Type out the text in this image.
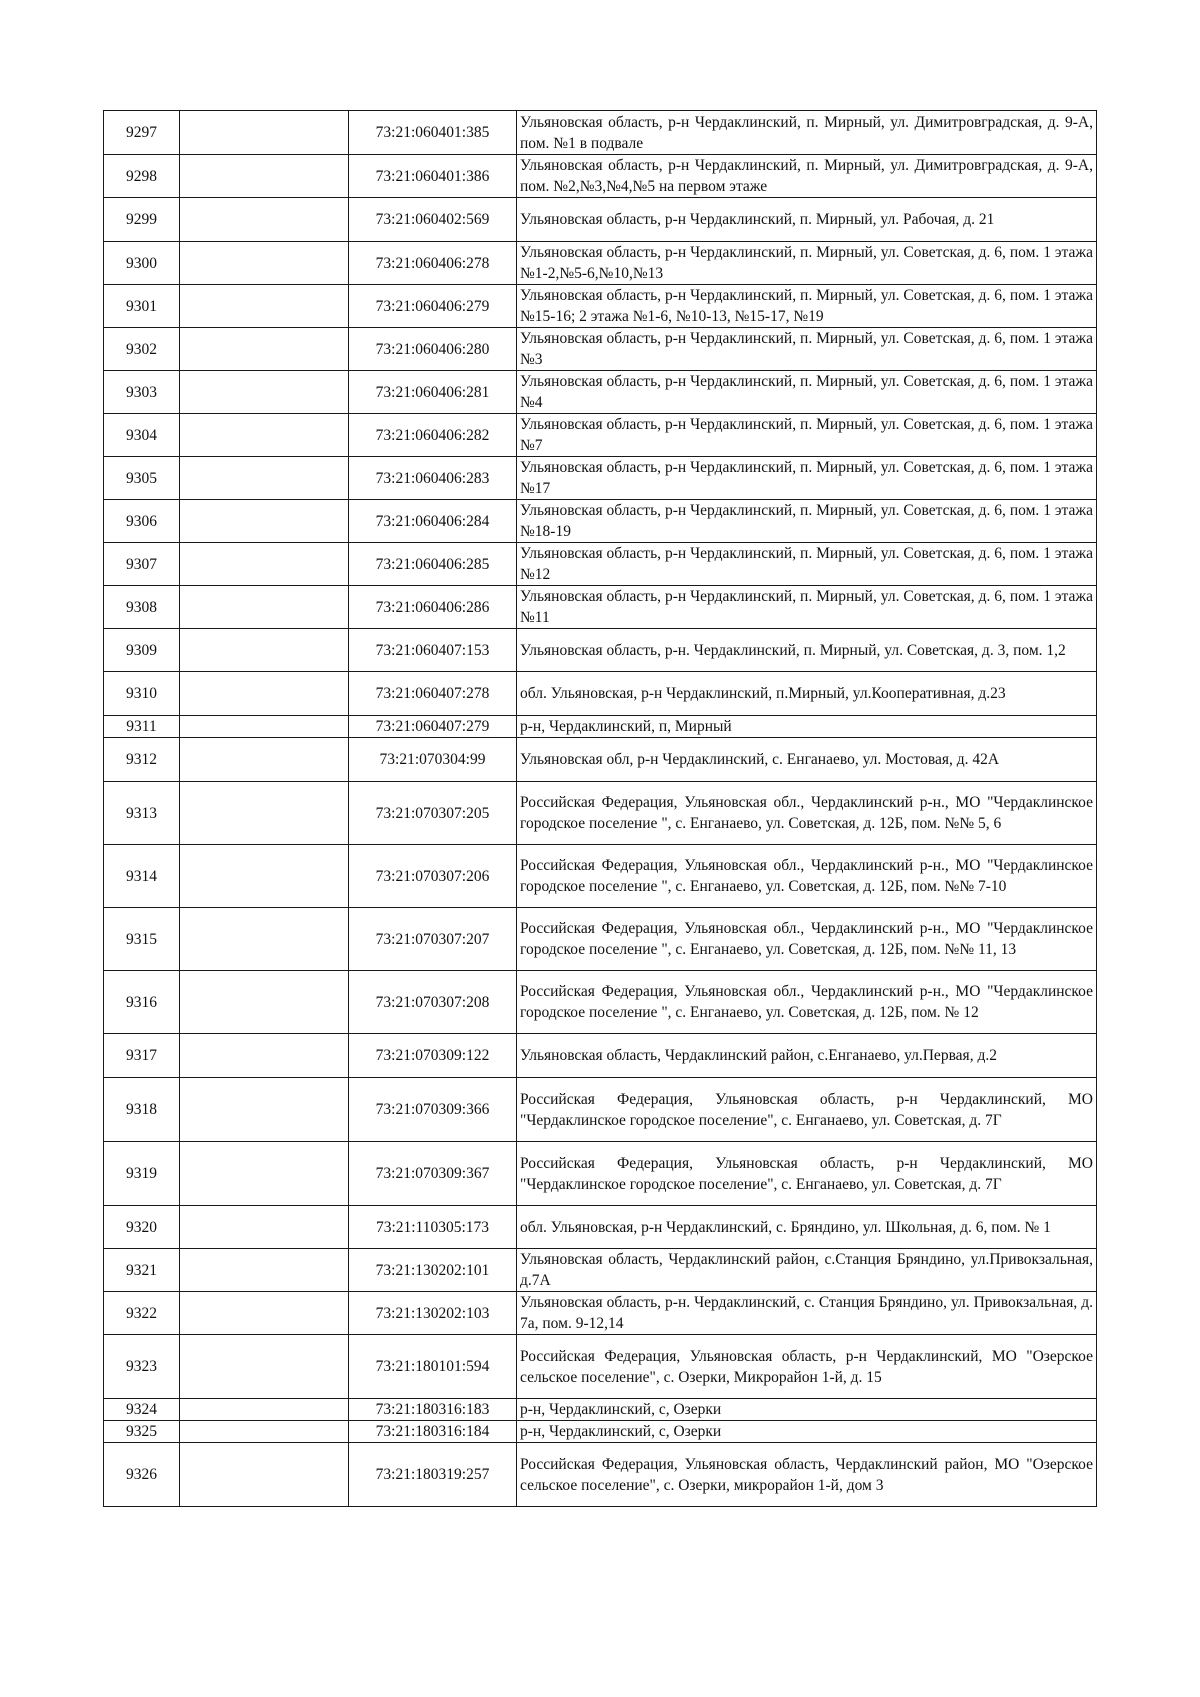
9297		73:21:060401:385	Ульяновская область, р-н Чердаклинский, п. Мирный, ул. Димитровградская, д. 9-А, пом. №1 в подвале
9298		73:21:060401:386	Ульяновская область, р-н Чердаклинский, п. Мирный, ул. Димитровградская, д. 9-А, пом. №2,№3,№4,№5 на первом этаже
9299		73:21:060402:569	Ульяновская область, р-н Чердаклинский, п. Мирный, ул. Рабочая, д. 21
9300		73:21:060406:278	Ульяновская область, р-н Чердаклинский, п. Мирный, ул. Советская, д. 6, пом. 1 этажа №1-2,№5-6,№10,№13
9301		73:21:060406:279	Ульяновская область, р-н Чердаклинский, п. Мирный, ул. Советская, д. 6, пом. 1 этажа №15-16; 2 этажа №1-6, №10-13, №15-17, №19
9302		73:21:060406:280	Ульяновская область, р-н Чердаклинский, п. Мирный, ул. Советская, д. 6, пом. 1 этажа №3
9303		73:21:060406:281	Ульяновская область, р-н Чердаклинский, п. Мирный, ул. Советская, д. 6, пом. 1 этажа №4
9304		73:21:060406:282	Ульяновская область, р-н Чердаклинский, п. Мирный, ул. Советская, д. 6, пом. 1 этажа №7
9305		73:21:060406:283	Ульяновская область, р-н Чердаклинский, п. Мирный, ул. Советская, д. 6, пом. 1 этажа №17
9306		73:21:060406:284	Ульяновская область, р-н Чердаклинский, п. Мирный, ул. Советская, д. 6, пом. 1 этажа №18-19
9307		73:21:060406:285	Ульяновская область, р-н Чердаклинский, п. Мирный, ул. Советская, д. 6, пом. 1 этажа №12
9308		73:21:060406:286	Ульяновская область, р-н Чердаклинский, п. Мирный, ул. Советская, д. 6, пом. 1 этажа №11
9309		73:21:060407:153	Ульяновская область, р-н. Чердаклинский, п. Мирный, ул. Советская, д. 3, пом. 1,2
9310		73:21:060407:278	обл. Ульяновская, р-н Чердаклинский, п.Мирный, ул.Кооперативная, д.23
9311		73:21:060407:279	р-н, Чердаклинский, п, Мирный
9312		73:21:070304:99	Ульяновская обл, р-н Чердаклинский, с. Енганаево, ул. Мостовая, д. 42А
9313		73:21:070307:205	Российская Федерация, Ульяновская обл., Чердаклинский р-н., МО "Чердаклинское городское поселение ", с. Енганаево, ул. Советская, д. 12Б, пом. №№ 5, 6
9314		73:21:070307:206	Российская Федерация, Ульяновская обл., Чердаклинский р-н., МО "Чердаклинское городское поселение ", с. Енганаево, ул. Советская, д. 12Б, пом. №№ 7-10
9315		73:21:070307:207	Российская Федерация, Ульяновская обл., Чердаклинский р-н., МО "Чердаклинское городское поселение ", с. Енганаево, ул. Советская, д. 12Б, пом. №№ 11, 13
9316		73:21:070307:208	Российская Федерация, Ульяновская обл., Чердаклинский р-н., МО "Чердаклинское городское поселение ", с. Енганаево, ул. Советская, д. 12Б, пом. № 12
9317		73:21:070309:122	Ульяновская область, Чердаклинский район, с.Енганаево, ул.Первая, д.2
9318		73:21:070309:366	Российская Федерация, Ульяновская область, р-н Чердаклинский, МО "Чердаклинское городское поселение", с. Енганаево, ул. Советская, д. 7Г
9319		73:21:070309:367	Российская Федерация, Ульяновская область, р-н Чердаклинский, МО "Чердаклинское городское поселение", с. Енганаево, ул. Советская, д. 7Г
9320		73:21:110305:173	обл. Ульяновская, р-н Чердаклинский, с. Бряндино, ул. Школьная, д. 6, пом. № 1
9321		73:21:130202:101	Ульяновская область, Чердаклинский район, с.Станция Бряндино, ул.Привокзальная, д.7А
9322		73:21:130202:103	Ульяновская область, р-н. Чердаклинский, с. Станция Бряндино, ул. Привокзальная, д. 7а, пом. 9-12,14
9323		73:21:180101:594	Российская Федерация, Ульяновская область, р-н Чердаклинский, МО "Озерское сельское поселение", с. Озерки, Микрорайон 1-й, д. 15
9324		73:21:180316:183	р-н, Чердаклинский, с, Озерки
9325		73:21:180316:184	р-н, Чердаклинский, с, Озерки
9326		73:21:180319:257	Российская Федерация, Ульяновская область, Чердаклинский район, МО "Озерское сельское поселение", с. Озерки, микрорайон 1-й, дом 3
